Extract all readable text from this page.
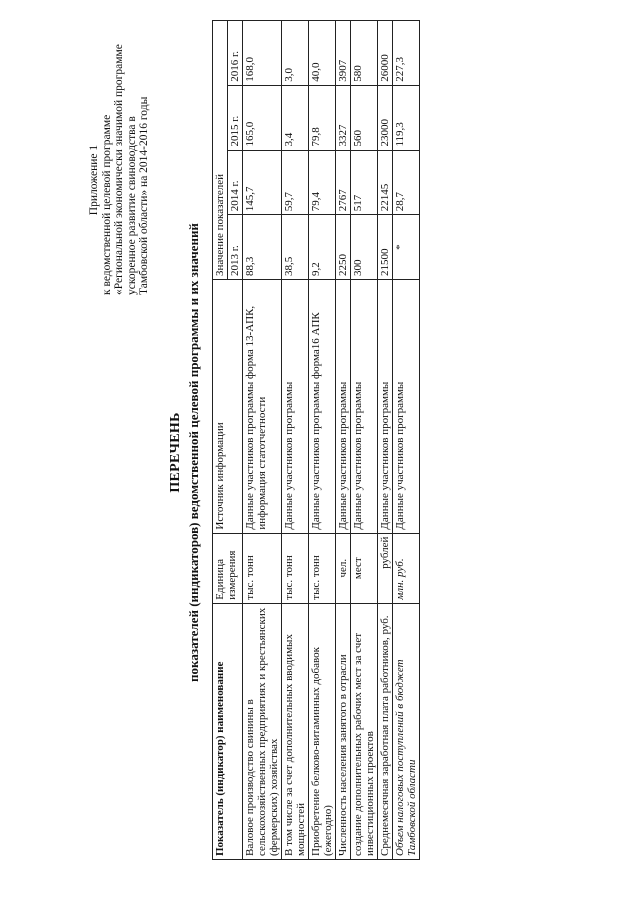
Приложение 1 к ведомственной целевой программе «Региональной экономически значимой программе ускоренное развитие свиноводства в Тамбовской области» на 2014-2016 годы
ПЕРЕЧЕНЬ показателей (индикаторов) ведомственной целевой программы и их значений
Показатель (индикатор) наименование	Единица измерения	Источник информации	Значение показателей			
			2013 г.	2014 г.	2015 г.	2016 г.
Валовое производство свинины в сельскохозяйственных предприятиях и крестьянских (фермерских) хозяйствах	тыс. тонн	Данные участников программы форма 13-АПК, информация статотчетности	88,3	145,7	165,0	168,0
В том числе за счет дополнительных вводимых мощностей	тыс. тонн	Данные участников программы	38,5	59,7	3,4	3,0
Приобретение белково-витаминных добавок (ежегодно)	тыс. тонн	Данные участников программы форма16 АПК	9,2	79,4	79,8	40,0
Численность населения занятого в отрасли	чел.	Данные участников программы	2250	2767	3327	3907
создание дополнительных рабочих мест за счет инвестиционных проектов	мест	Данные участников программы	300	517	560	580
Среднемесячная заработная плата работников, руб.	рублей	Данные участников программы	21500	22145	23000	26000
Объем налоговых поступлений в бюджет Тамбовской области	млн. руб.	Данные участников программы	*	28,7	119,3	227,3
